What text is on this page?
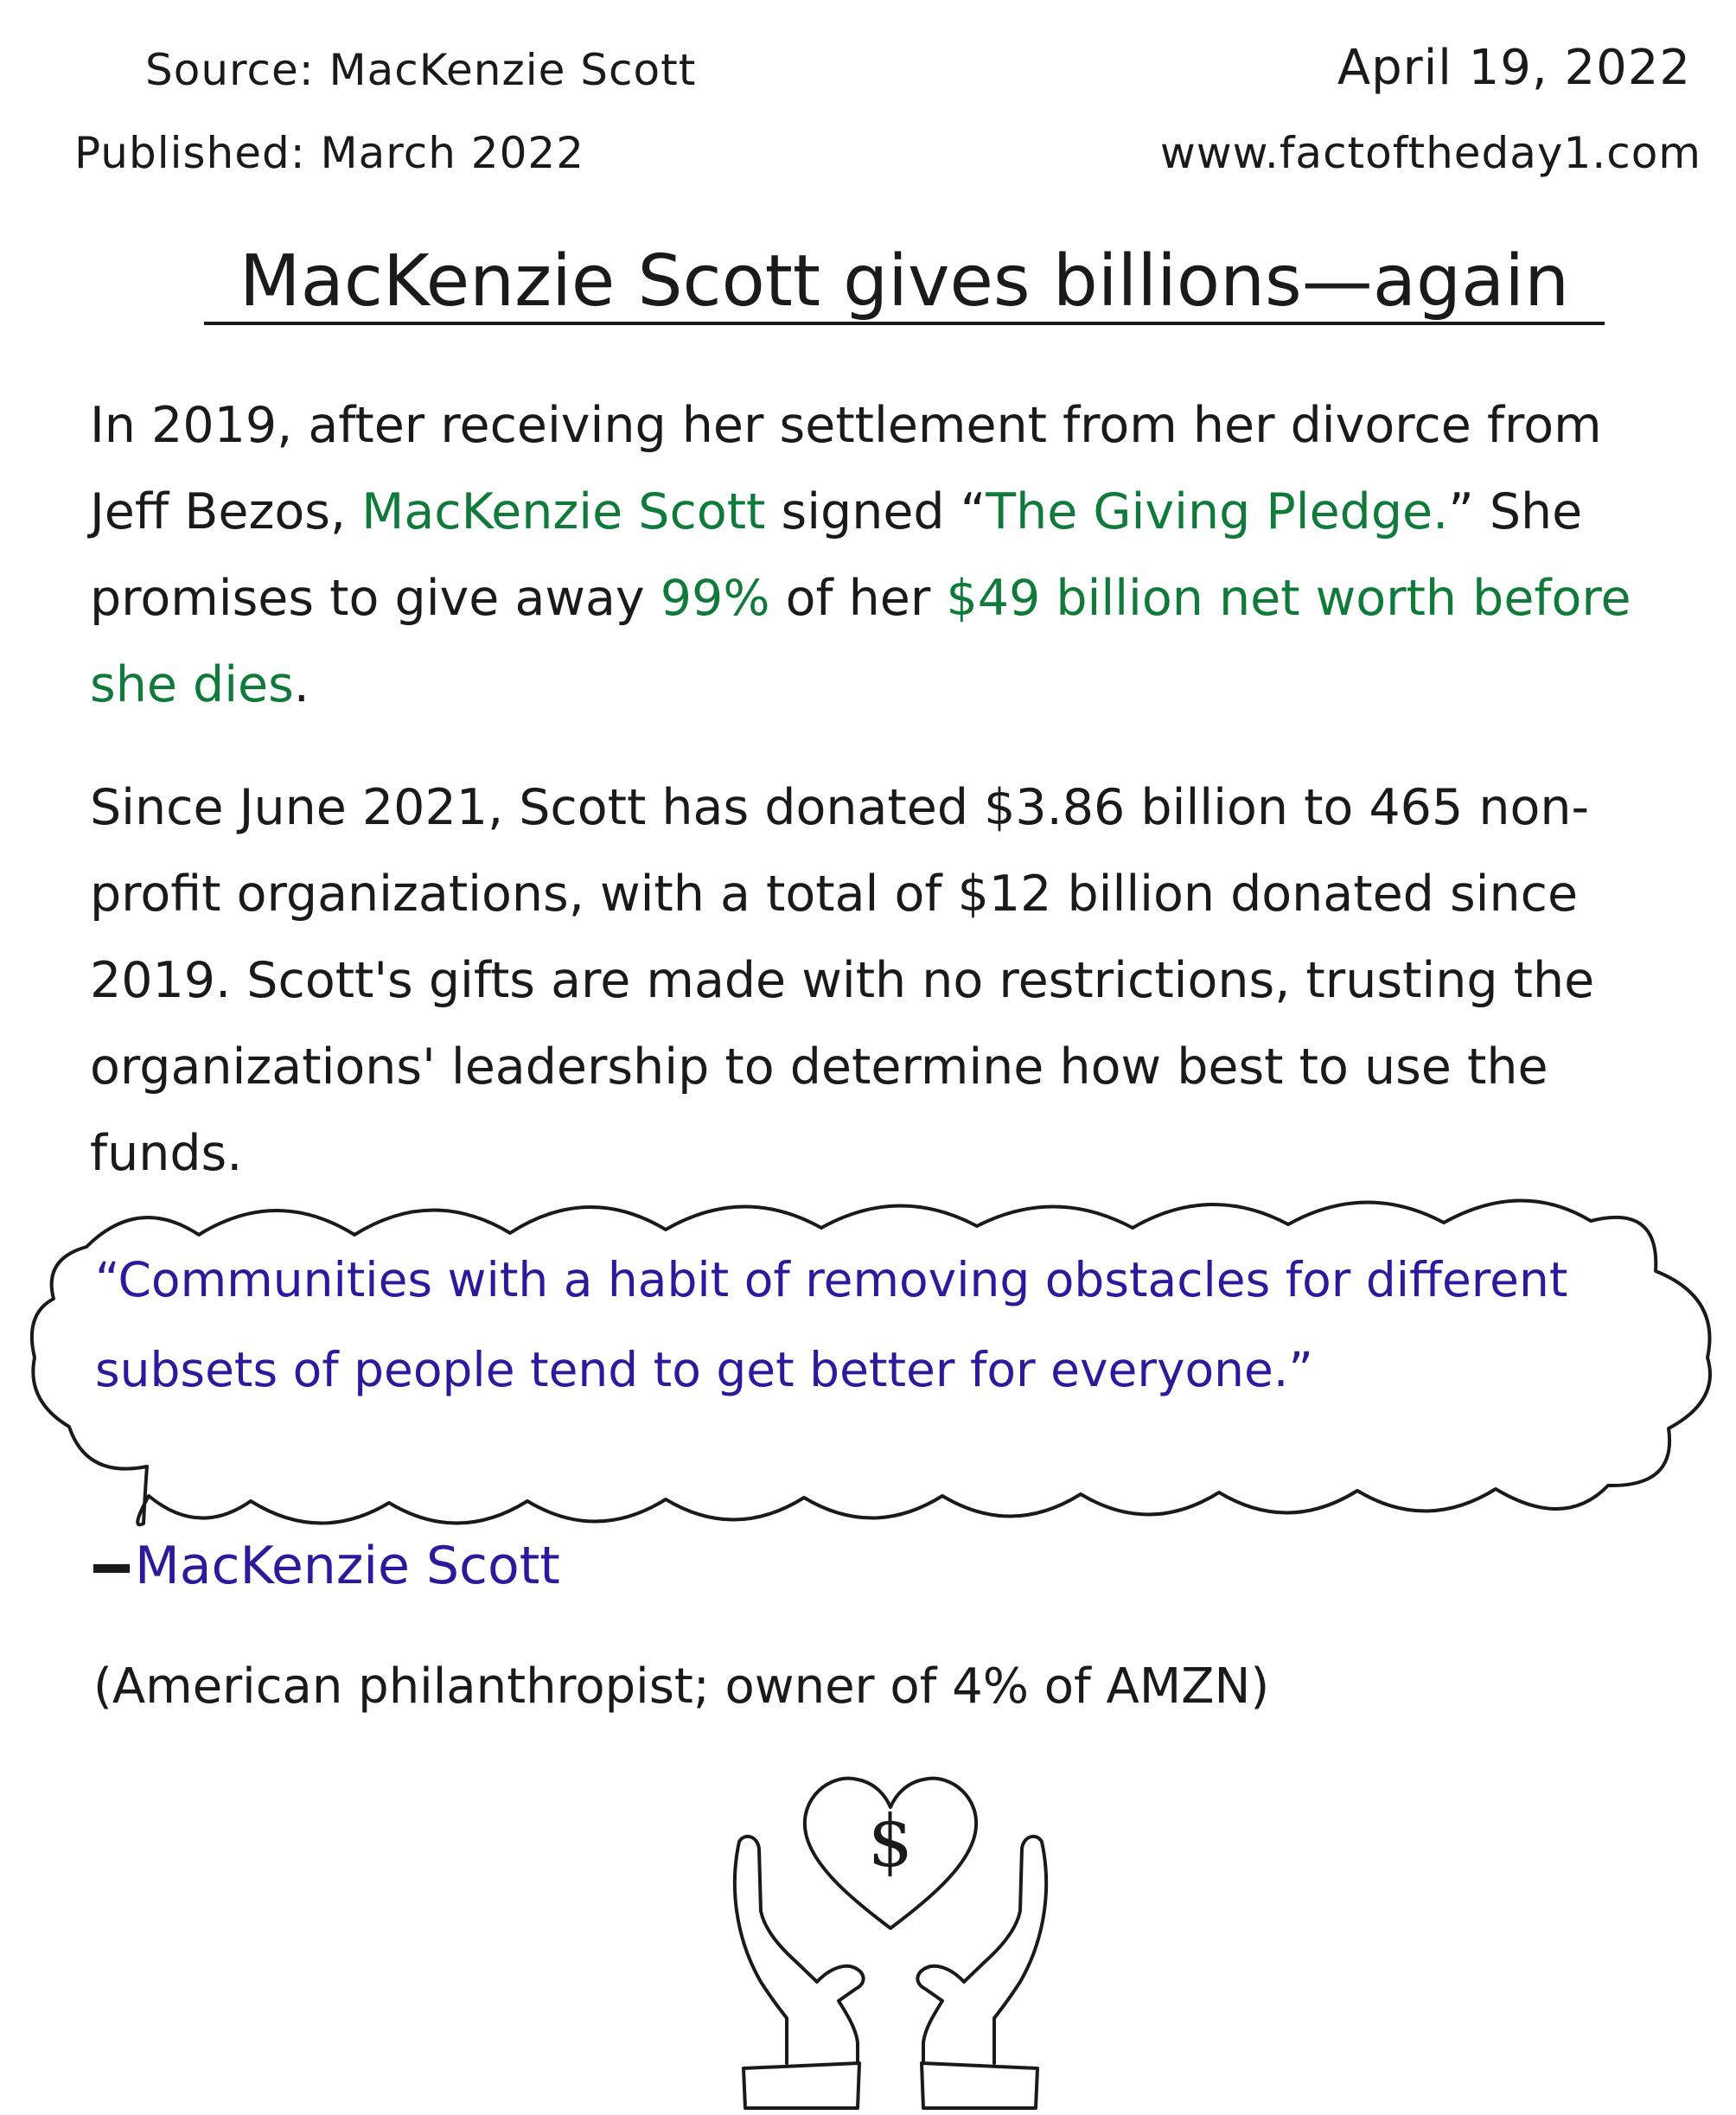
Source: MacKenzie Scott
Published: March 2022
April 19, 2022
www.factoftheday1.com
MacKenzie Scott gives billions—again

In 2019, after receiving her settlement from her divorce from Jeff Bezos, MacKenzie Scott signed “The Giving Pledge.” She promises to give away 99% of her $49 billion net worth before she dies.

Since June 2021, Scott has donated $3.86 billion to 465 non-profit organizations, with a total of $12 billion donated since 2019. Scott's gifts are made with no restrictions, trusting the organizations' leadership to determine how best to use the funds.

“Communities with a habit of removing obstacles for different subsets of people tend to get better for everyone.”

MacKenzie Scott
(American philanthropist; owner of 4% of AMZN)
$
